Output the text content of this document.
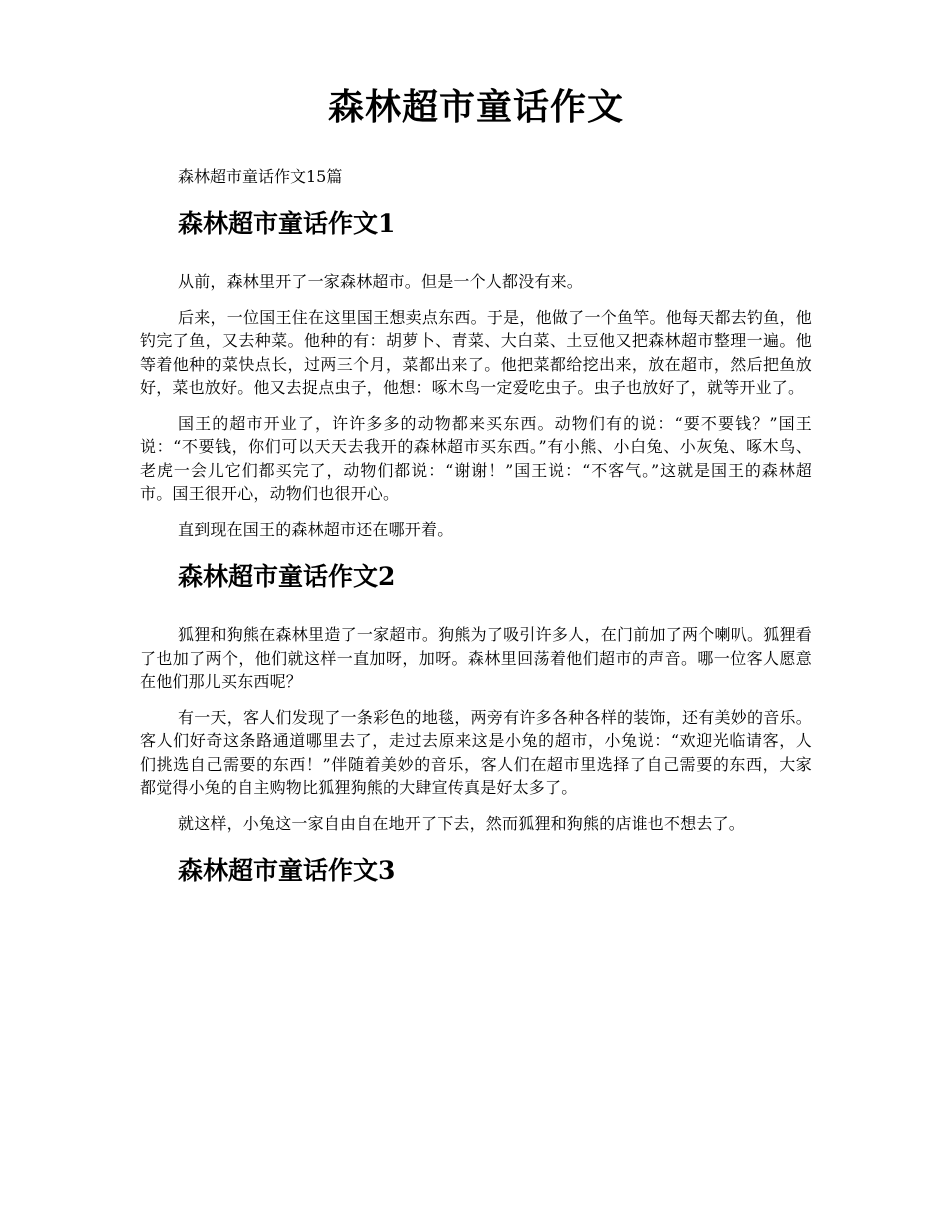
森林超市童话作文

森林超市童话作文15篇

森林超市童话作文1

从前，森林里开了一家森林超市。但是一个人都没有来。

后来，一位国王住在这里国王想卖点东西。于是，他做了一个鱼竿。他每天都去钓鱼，他钓完了鱼，又去种菜。他种的有：胡萝卜、青菜、大白菜、土豆他又把森林超市整理一遍。他等着他种的菜快点长，过两三个月，菜都出来了。他把菜都给挖出来，放在超市，然后把鱼放好，菜也放好。他又去捉点虫子，他想：啄木鸟一定爱吃虫子。虫子也放好了，就等开业了。

国王的超市开业了，许许多多的动物都来买东西。动物们有的说：“要不要钱？”国王说：“不要钱，你们可以天天去我开的森林超市买东西。”有小熊、小白兔、小灰兔、啄木鸟、老虎一会儿它们都买完了，动物们都说：“谢谢！”国王说：“不客气。”这就是国王的森林超市。国王很开心，动物们也很开心。

直到现在国王的森林超市还在哪开着。

森林超市童话作文2

狐狸和狗熊在森林里造了一家超市。狗熊为了吸引许多人，在门前加了两个喇叭。狐狸看了也加了两个，他们就这样一直加呀，加呀。森林里回荡着他们超市的声音。哪一位客人愿意在他们那儿买东西呢？

有一天，客人们发现了一条彩色的地毯，两旁有许多各种各样的装饰，还有美妙的音乐。客人们好奇这条路通道哪里去了，走过去原来这是小兔的超市，小兔说：“欢迎光临请客，人们挑选自己需要的东西！”伴随着美妙的音乐，客人们在超市里选择了自己需要的东西，大家都觉得小兔的自主购物比狐狸狗熊的大肆宣传真是好太多了。

就这样，小兔这一家自由自在地开了下去，然而狐狸和狗熊的店谁也不想去了。

森林超市童话作文3
